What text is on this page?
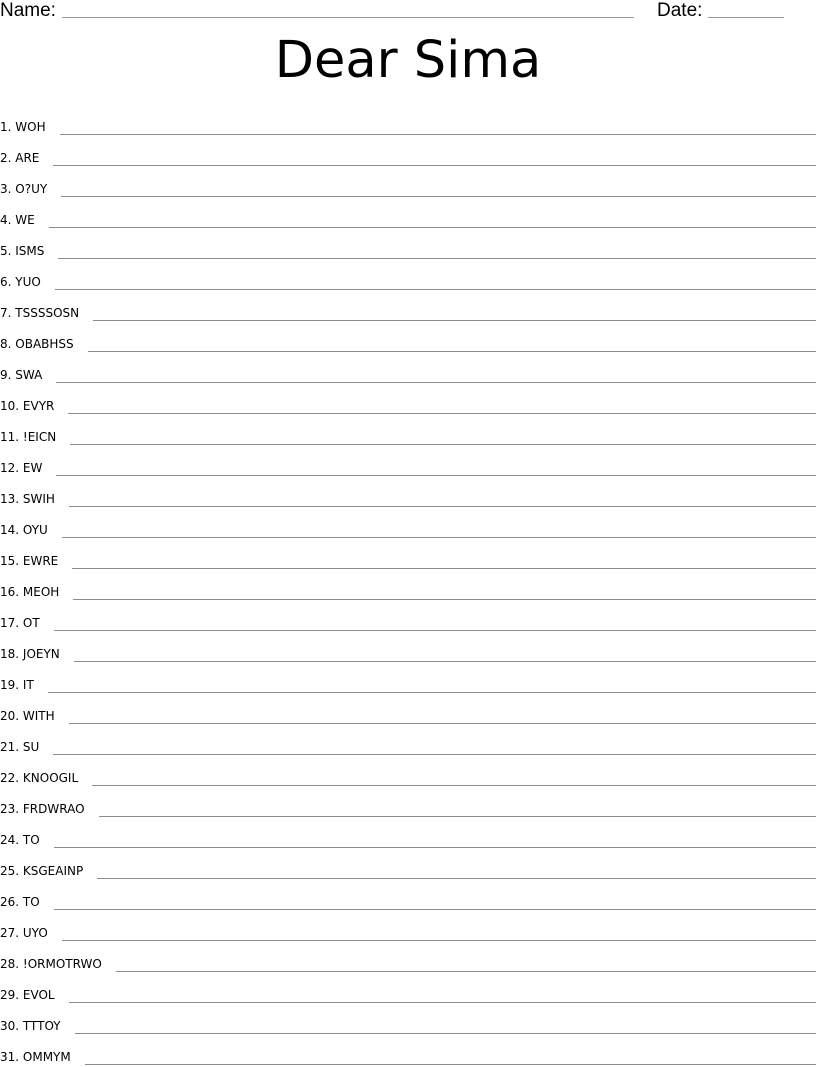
Name:	Date:
Dear Sima
1. WOH
2. ARE
3. O?UY
4. WE
5. ISMS
6. YUO
7. TSSSSOSN
8. OBABHSS
9. SWA
10. EVYR
11. !EICN
12. EW
13. SWIH
14. OYU
15. EWRE
16. MEOH
17. OT
18. JOEYN
19. IT
20. WITH
21. SU
22. KNOOGIL
23. FRDWRAO
24. TO
25. KSGEAINP
26. TO
27. UYO
28. !ORMOTRWO
29. EVOL
30. TTTOY
31. OMMYM
